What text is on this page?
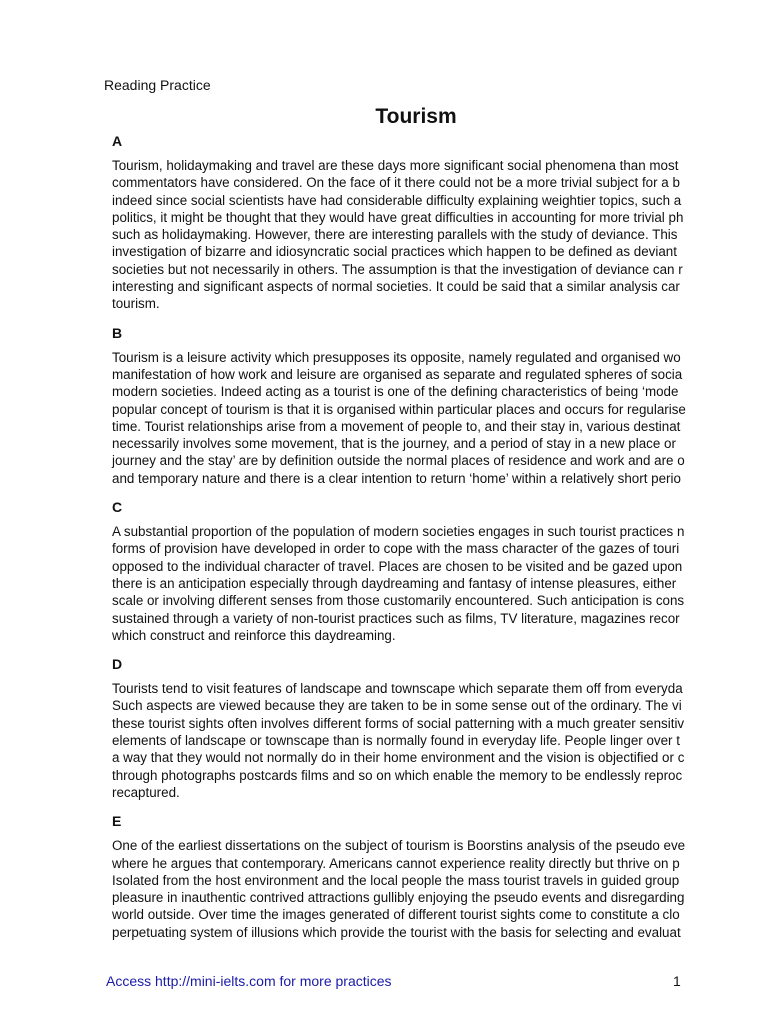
Reading Practice
Tourism
A
Tourism, holidaymaking and travel are these days more significant social phenomena than most
commentators have considered. On the face of it there could not be a more trivial subject for a b
indeed since social scientists have had considerable difficulty explaining weightier topics, such a
politics, it might be thought that they would have great difficulties in accounting for more trivial ph
such as holidaymaking. However, there are interesting parallels with the study of deviance. This
investigation of bizarre and idiosyncratic social practices which happen to be defined as deviant
societies but not necessarily in others. The assumption is that the investigation of deviance can r
interesting and significant aspects of normal societies. It could be said that a similar analysis car
tourism.
B
Tourism is a leisure activity which presupposes its opposite, namely regulated and organised wo
manifestation of how work and leisure are organised as separate and regulated spheres of socia
modern societies. Indeed acting as a tourist is one of the defining characteristics of being ‘mode
popular concept of tourism is that it is organised within particular places and occurs for regularise
time. Tourist relationships arise from a movement of people to, and their stay in, various destinat
necessarily involves some movement, that is the journey, and a period of stay in a new place or
journey and the stay’ are by definition outside the normal places of residence and work and are o
and temporary nature and there is a clear intention to return ‘home’ within a relatively short perio
C
A substantial proportion of the population of modern societies engages in such tourist practices n
forms of provision have developed in order to cope with the mass character of the gazes of touri
opposed to the individual character of travel. Places are chosen to be visited and be gazed upon
there is an anticipation especially through daydreaming and fantasy of intense pleasures, either
scale or involving different senses from those customarily encountered. Such anticipation is cons
sustained through a variety of non-tourist practices such as films, TV literature, magazines recor
which construct and reinforce this daydreaming.
D
Tourists tend to visit features of landscape and townscape which separate them off from everyda
Such aspects are viewed because they are taken to be in some sense out of the ordinary. The vi
these tourist sights often involves different forms of social patterning with a much greater sensitiv
elements of landscape or townscape than is normally found in everyday life. People linger over t
a way that they would not normally do in their home environment and the vision is objectified or c
through photographs postcards films and so on which enable the memory to be endlessly reproc
recaptured.
E
One of the earliest dissertations on the subject of tourism is Boorstins analysis of the pseudo eve
where he argues that contemporary. Americans cannot experience reality directly but thrive on p
Isolated from the host environment and the local people the mass tourist travels in guided group
pleasure in inauthentic contrived attractions gullibly enjoying the pseudo events and disregarding
world outside. Over time the images generated of different tourist sights come to constitute a clo
perpetuating system of illusions which provide the tourist with the basis for selecting and evaluat
Access http://mini-ielts.com for more practices	1
